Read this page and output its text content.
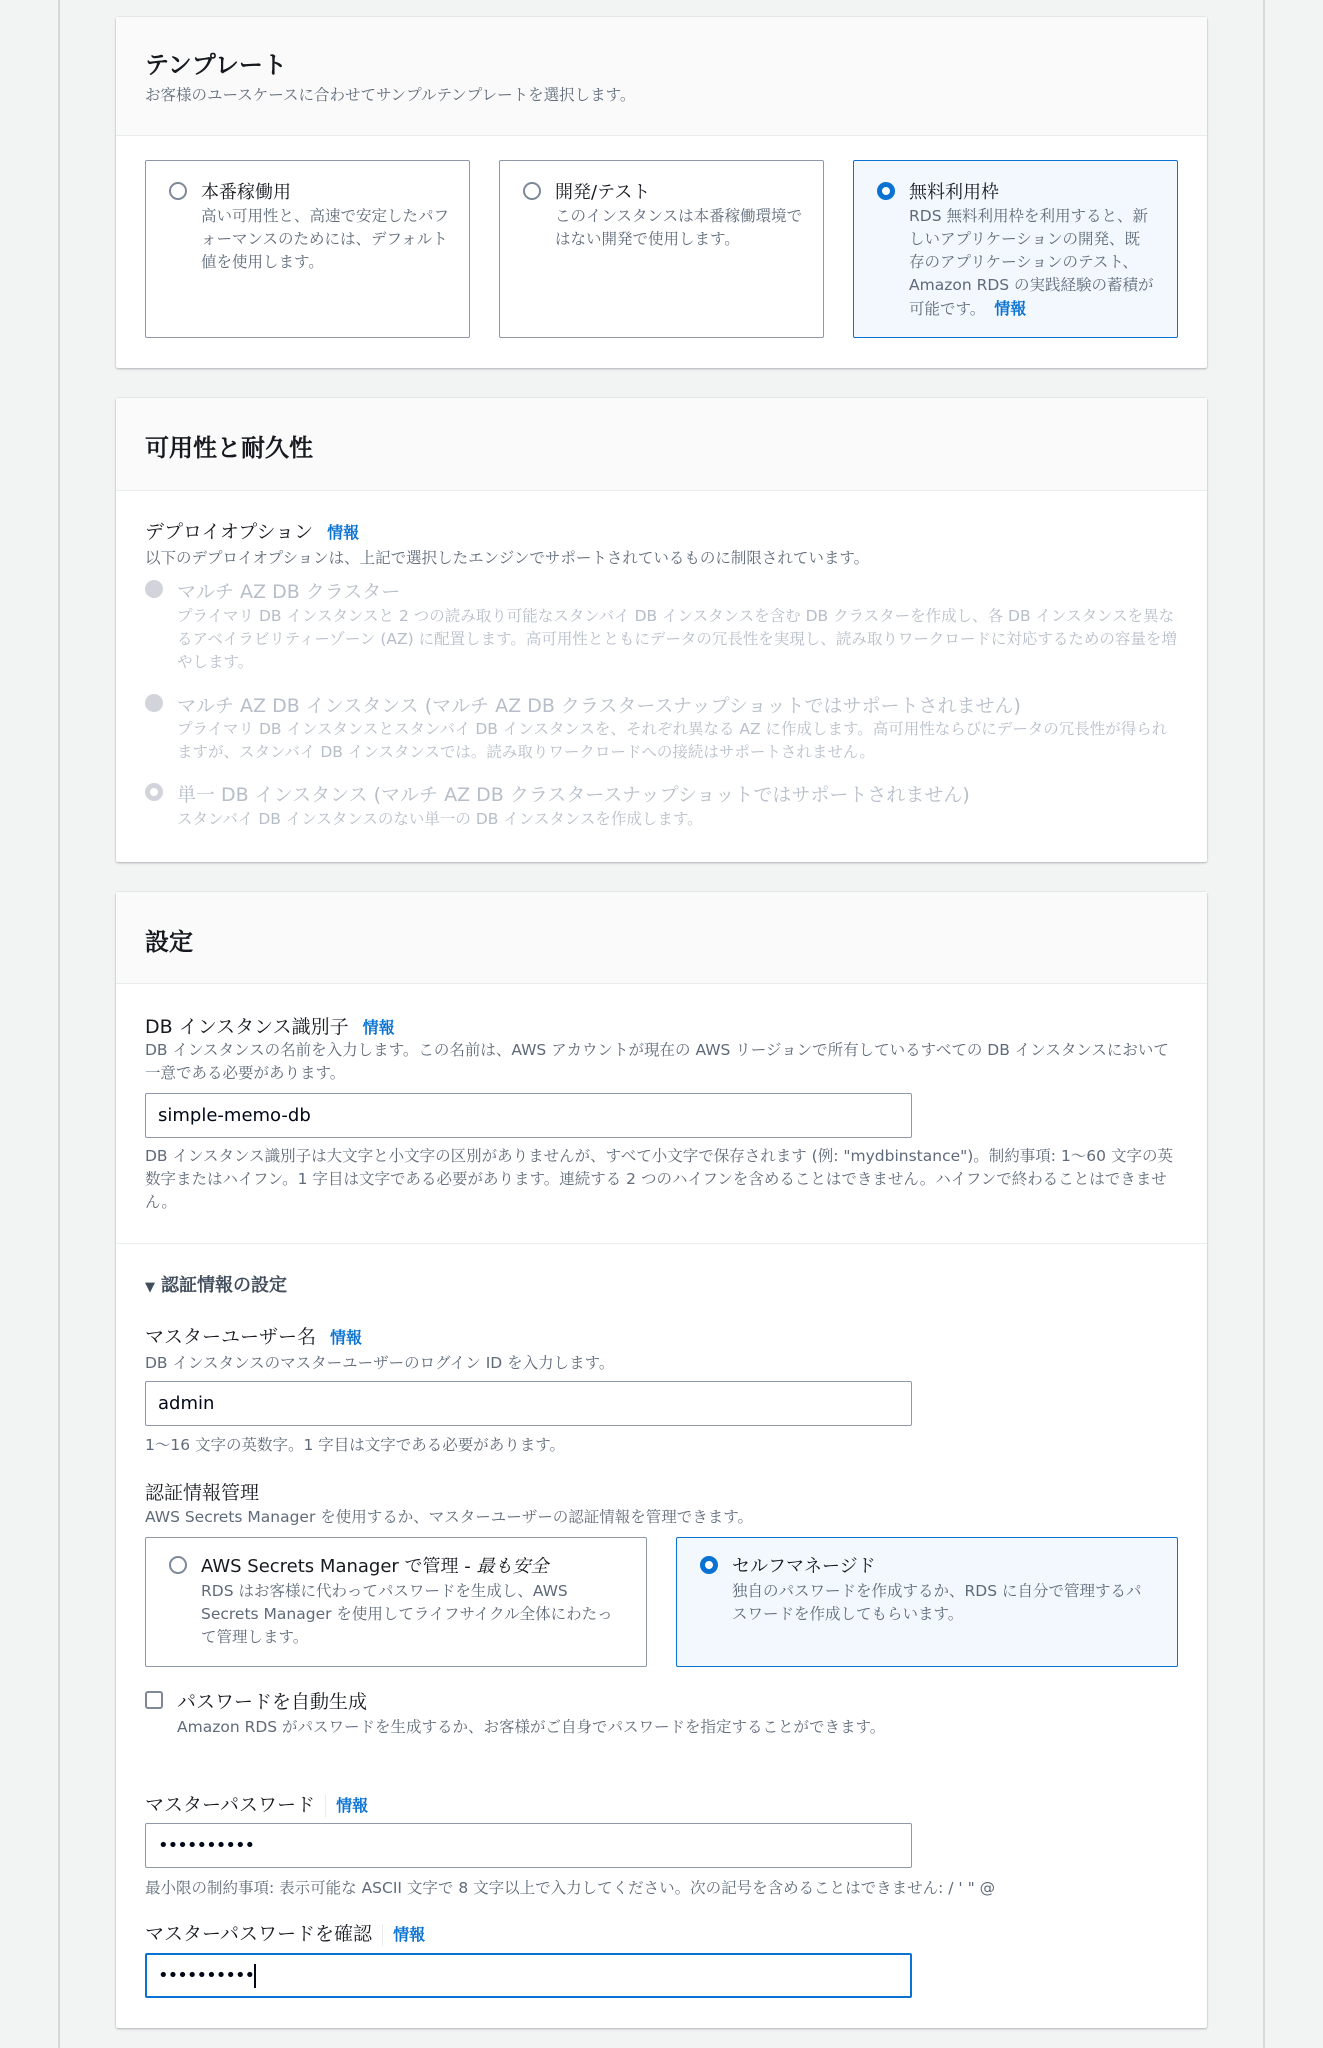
テンプレート
お客様のユースケースに合わせてサンプルテンプレートを選択します。
本番稼働用
高い可用性と、高速で安定したパフォーマンスのためには、デフォルト値を使用します。
開発/テスト
このインスタンスは本番稼働環境ではない開発で使用します。
無料利用枠
RDS 無料利用枠を利用すると、新しいアプリケーションの開発、既存のアプリケーションのテスト、Amazon RDS の実践経験の蓄積が可能です。 情報
可用性と耐久性
デプロイオプション 情報
以下のデプロイオプションは、上記で選択したエンジンでサポートされているものに制限されています。
マルチ AZ DB クラスター
プライマリ DB インスタンスと 2 つの読み取り可能なスタンバイ DB インスタンスを含む DB クラスターを作成し、各 DB インスタンスを異なるアベイラビリティーゾーン (AZ) に配置します。高可用性とともにデータの冗長性を実現し、読み取りワークロードに対応するための容量を増やします。
マルチ AZ DB インスタンス (マルチ AZ DB クラスタースナップショットではサポートされません)
プライマリ DB インスタンスとスタンバイ DB インスタンスを、それぞれ異なる AZ に作成します。高可用性ならびにデータの冗長性が得られますが、スタンバイ DB インスタンスでは。読み取りワークロードへの接続はサポートされません。
単一 DB インスタンス (マルチ AZ DB クラスタースナップショットではサポートされません)
スタンバイ DB インスタンスのない単一の DB インスタンスを作成します。
設定
DB インスタンス識別子 情報
DB インスタンスの名前を入力します。この名前は、AWS アカウントが現在の AWS リージョンで所有しているすべての DB インスタンスにおいて一意である必要があります。
simple-memo-db
DB インスタンス識別子は大文字と小文字の区別がありませんが、すべて小文字で保存されます (例: "mydbinstance")。制約事項: 1〜60 文字の英数字またはハイフン。1 字目は文字である必要があります。連続する 2 つのハイフンを含めることはできません。ハイフンで終わることはできません。
▼ 認証情報の設定
マスターユーザー名 情報
DB インスタンスのマスターユーザーのログイン ID を入力します。
admin
1〜16 文字の英数字。1 字目は文字である必要があります。
認証情報管理
AWS Secrets Manager を使用するか、マスターユーザーの認証情報を管理できます。
AWS Secrets Manager で管理 - 最も安全
RDS はお客様に代わってパスワードを生成し、AWS Secrets Manager を使用してライフサイクル全体にわたって管理します。
セルフマネージド
独自のパスワードを作成するか、RDS に自分で管理するパスワードを作成してもらいます。
パスワードを自動生成
Amazon RDS がパスワードを生成するか、お客様がご自身でパスワードを指定することができます。
マスターパスワード 情報
••••••••••
最小限の制約事項: 表示可能な ASCII 文字で 8 文字以上で入力してください。次の記号を含めることはできません: / ' " @
マスターパスワードを確認 情報
••••••••••
